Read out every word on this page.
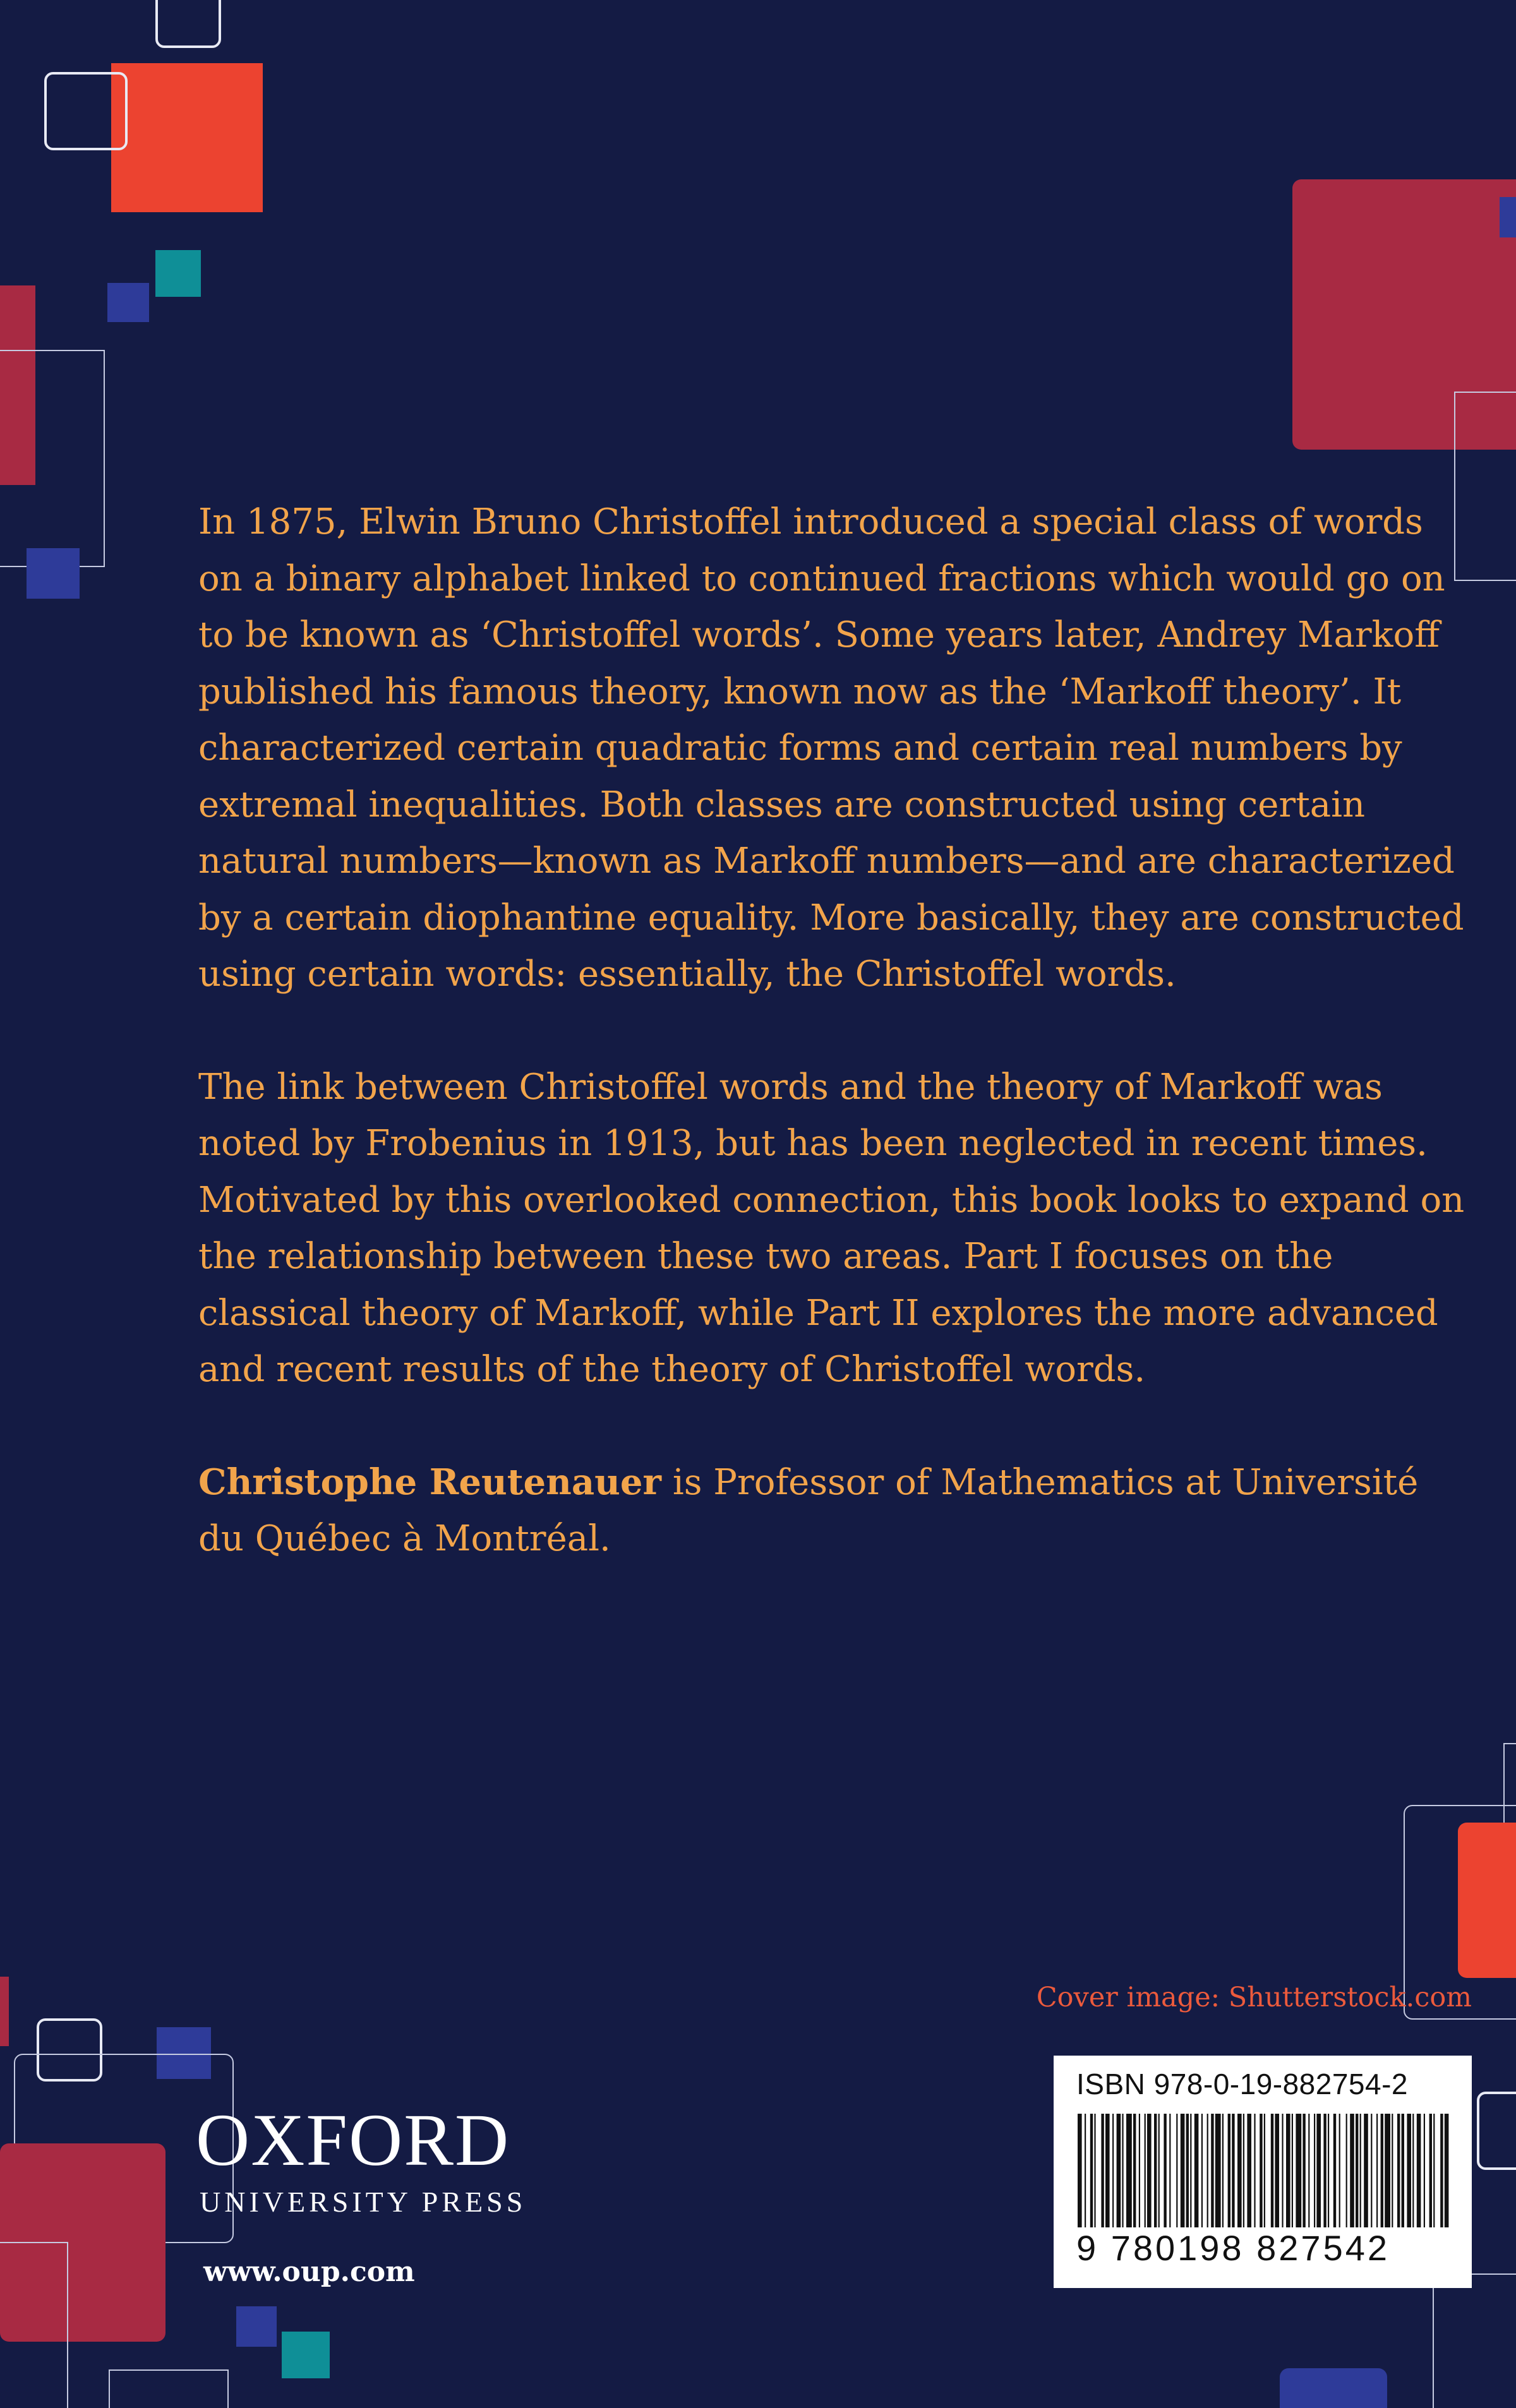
In 1875, Elwin Bruno Christoffel introduced a special class of words on a binary alphabet linked to continued fractions which would go on to be known as ‘Christoffel words’. Some years later, Andrey Markoff published his famous theory, known now as the ‘Markoff theory’. It characterized certain quadratic forms and certain real numbers by extremal inequalities. Both classes are constructed using certain natural numbers—known as Markoff numbers—and are characterized by a certain diophantine equality. More basically, they are constructed using certain words: essentially, the Christoffel words.

The link between Christoffel words and the theory of Markoff was noted by Frobenius in 1913, but has been neglected in recent times. Motivated by this overlooked connection, this book looks to expand on the relationship between these two areas. Part I focuses on the classical theory of Markoff, while Part II explores the more advanced and recent results of the theory of Christoffel words.

Christophe Reutenauer is Professor of Mathematics at Université du Québec à Montréal.

Cover image: Shutterstock.com
ISBN 978-0-19-882754-2
9 780198 827542
OXFORD
UNIVERSITY PRESS
www.oup.com
